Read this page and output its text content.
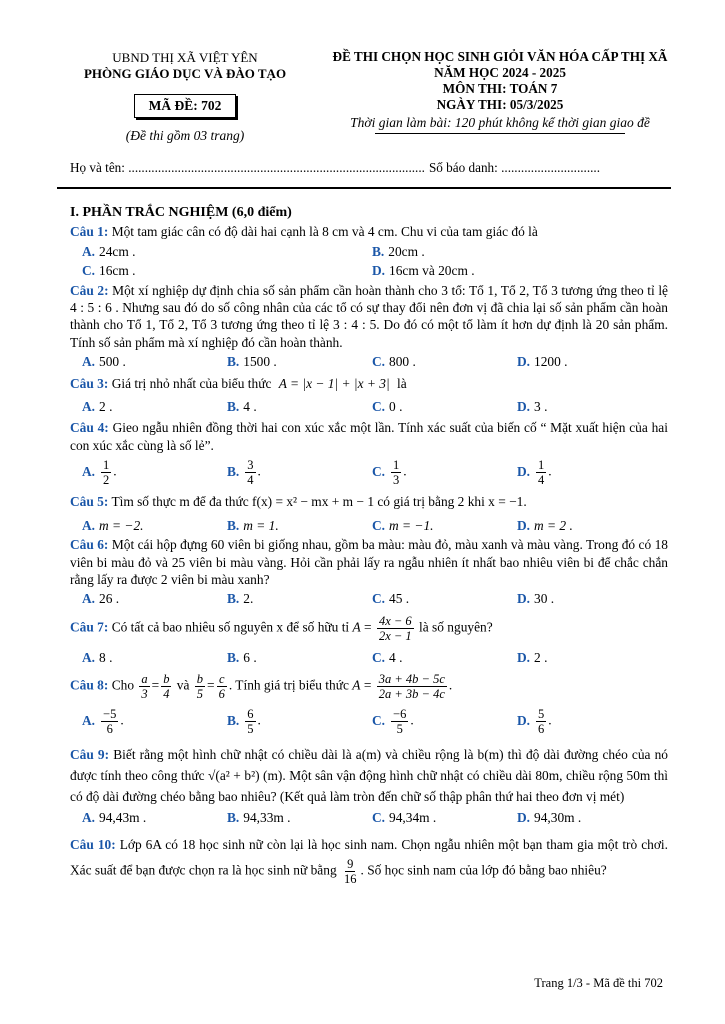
UBND THỊ XÃ VIỆT YÊN
PHÒNG GIÁO DỤC VÀ ĐÀO TẠO
MÃ ĐỀ: 702
(Đề thi gồm 03 trang)
ĐỀ THI CHỌN HỌC SINH GIỎI VĂN HÓA CẤP THỊ XÃ
NĂM HỌC 2024 - 2025
MÔN THI: TOÁN 7
NGÀY THI: 05/3/2025
Thời gian làm bài: 120 phút không kể thời gian giao đề
Họ và tên: .......................................................................................... Số báo danh: ..............................
I. PHẦN TRẮC NGHIỆM (6,0 điểm)
Câu 1: Một tam giác cân có độ dài hai cạnh là 8 cm và 4 cm. Chu vi của tam giác đó là
A. 24cm .	B. 20cm .
C. 16cm .	D. 16cm và 20cm .
Câu 2: Một xí nghiệp dự định chia số sản phẩm cần hoàn thành cho 3 tổ: Tổ 1, Tổ 2, Tổ 3 tương ứng theo tỉ lệ 4 : 5 : 6 . Nhưng sau đó do số công nhân của các tổ có sự thay đổi nên đơn vị đã chia lại số sản phẩm cần hoàn thành cho Tổ 1, Tổ 2, Tổ 3 tương ứng theo tỉ lệ 3 : 4 : 5. Do đó có một tổ làm ít hơn dự định là 20 sản phẩm. Tính số sản phẩm mà xí nghiệp đó cần hoàn thành.
A. 500 .	B. 1500 .	C. 800 .	D. 1200 .
Câu 3: Giá trị nhỏ nhất của biểu thức A = |x − 1| + |x + 3| là
A. 2 .	B. 4 .	C. 0 .	D. 3 .
Câu 4: Gieo ngẫu nhiên đồng thời hai con xúc xắc một lần. Tính xác suất của biến cố “ Mặt xuất hiện của hai con xúc xắc cùng là số lẻ”.
A. $\frac{1}{2}$ .	B. $\frac{3}{4}$ .	C. $\frac{1}{3}$ .	D. $\frac{1}{4}$ .
Câu 5: Tìm số thực m để đa thức f(x) = x² − mx + m − 1 có giá trị bằng 2 khi x = −1.
A. m = −2.	B. m = 1.	C. m = −1.	D. m = 2 .
Câu 6: Một cái hộp đựng 60 viên bi giống nhau, gồm ba màu: màu đỏ, màu xanh và màu vàng. Trong đó có 18 viên bi màu đỏ và 25 viên bi màu vàng. Hỏi cần phải lấy ra ngẫu nhiên ít nhất bao nhiêu viên bi để chắc chắn rằng lấy ra được 2 viên bi màu xanh?
A. 26 .	B. 2.	C. 45 .	D. 30 .
Câu 7: Có tất cả bao nhiêu số nguyên x để số hữu tỉ $A = \frac{4x - 6}{2x - 1}$ là số nguyên?
A. 8 .	B. 6 .	C. 4 .	D. 2 .
Câu 8: Cho $\frac{a}{3} = \frac{b}{4}$ và $\frac{b}{5} = \frac{c}{6}$ . Tính giá trị biểu thức $A = \frac{3a + 4b - 5c}{2a + 3b - 4c}$ .
A. $\frac{-5}{6}$ .	B. $\frac{6}{5}$ .	C. $\frac{-6}{5}$ .	D. $\frac{5}{6}$ .
Câu 9: Biết rằng một hình chữ nhật có chiều dài là a(m) và chiều rộng là b(m) thì độ dài đường chéo của nó được tính theo công thức √(a² + b²) (m). Một sân vận động hình chữ nhật có chiều dài 80m, chiều rộng 50m thì có độ dài đường chéo bằng bao nhiêu? (Kết quả làm tròn đến chữ số thập phân thứ hai theo đơn vị mét)
A. 94,43m .	B. 94,33m .	C. 94,34m .	D. 94,30m .
Câu 10: Lớp 6A có 18 học sinh nữ còn lại là học sinh nam. Chọn ngẫu nhiên một bạn tham gia một trò chơi. Xác suất để bạn được chọn ra là học sinh nữ bằng $\frac{9}{16}$ . Số học sinh nam của lớp đó bằng bao nhiêu?
Trang 1/3 - Mã đề thi 702
